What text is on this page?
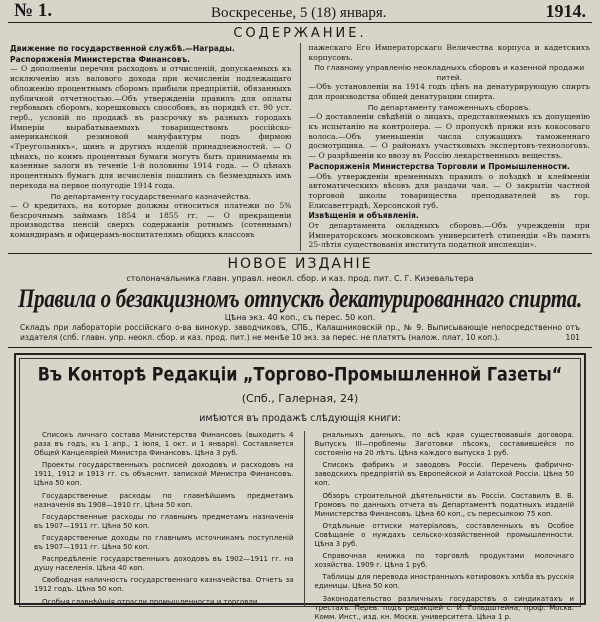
№ 1.	Воскресенье, 5 (18) января.	1914.
СОДЕРЖАНИЕ.

Движение по государственной службѣ.—Награды.

Распоряженія Министерства Финансовъ.

— О дополненіи перечня расходовъ и отчисленій, допускаемыхъ къ исключенію изъ валового дохода при исчисленіи подлежащаго обложенію процентнымъ сборомъ прибыли предпріятій, обязанныхъ публичной отчетностью.—Объ утвержденіи правилъ для оплаты гербовымъ сборомъ, корешковыхъ способовъ, въ порядкѣ ст. 90 уст. герб., условій по продажѣ въ разсрочку въ разныхъ городахъ Имперіи вырабатываемыхъ товариществомъ россійско-американской резиновой мануфактуры подъ фирмою «Треугольникъ», шинъ и другихъ изделій принадлежностей. — О цѣнахъ, по коимъ процентныя бумаги могутъ быть принимаемы въ казенные залоги въ теченіе 1-й половины 1914 года. — О цѣнахъ процентныхъ бумагъ для исчисленія пошлинъ съ безмездныхъ имъ перехода на первое полугодіе 1914 года.

По департаменту государственнаго казначейства.

— О кредитахъ, на которые должны относиться платежи по 5% безсрочнымъ займамъ 1854 и 1855 гг. — О прекращеніи производства пенсій сверхъ содержанія ротнымъ (сотеннымъ) командирамъ и офицерамъ-воспитателямъ общихъ классовъ

пажескаго Его Императорскаго Величества корпуса и кадетскихъ корпусовъ.

По главному управленію неокладныхъ сборовъ и казенной продажи питей.

—Объ установленіи на 1914 годъ цѣнъ на денатурирующую спиртъ для производства общей денатурации спирта.

По департаменту таможенныхъ сборовъ.

—О доставленіи свѣдѣній о лицахъ, представляемыхъ къ допущенію къ испытанію на контролера. — О пропускѣ пряжи изъ кокосоваго волоса.—Объ уменьшеніи числа служащихъ таможеннаго досмотрщика. — О районахъ участковыхъ экспертовъ-технологовъ. — О разрѣшеніи ко ввозу въ Россію лекарственныхъ веществъ.

Распоряженія Министерства Торговли и Промышленности.

—Объ утвержденіи временныхъ правилъ о поѣздкѣ и клейменіи автоматическихъ вѣсовъ для раздачи чая. — О закрытіи частной торговой школы товарищества преподавателей въ гор. Елисаветградѣ, Херсонской губ.

Извѣщенія и объявленія.

От департамента окладныхъ сборовъ.—Объ учрежденіи при Императорскомъ московскомъ университетѣ стипендіи «Въ память 25-лѣтія существованія института податной инспекціи».

НОВОЕ ИЗДАНІЕ
столоначальника главн. управл. неокл. сбор. и каз. прод. пит. С. Г. Кизевальтера
Правила о безакцизномъ отпускѣ декатурированнаго спирта.
Цѣна экз. 40 коп., съ перес. 50 коп.
Складъ при лабораторіи россійскаго о-ва винокур. заводчиковъ, СПБ., Калашниковскій пр., № 9. Выписывающіе непосредственно отъ издателя (спб. главн. упр. неокл. сбор. и каз. прод. пит.) не менѣе 10 экз. за перес. не платятъ (налож. плат. 10 коп.).	101
Въ Конторѣ Редакціи „Торгово-Промышленной Газеты“
(Спб., Галерная, 24)
имѣются въ продажѣ слѣдующія книги:

Списокъ личнаго состава Министерства Финансовъ (выходитъ 4 раза въ годъ, къ 1 апр., 1 іюля, 1 окт. и 1 января). Составляется Общей Канцеляріей Министра Финансовъ. Цѣна 3 руб.

Проекты государственныхъ росписей доходовъ и расходовъ на 1911, 1912 и 1913 гг. съ объяснит. запиской Министра Финансовъ. Цѣна 50 коп.

Государственные расходы по главнѣйшимъ предметамъ назначенія въ 1908—1910 гг. Цѣна 50 коп.

Государственные расходы по главнымъ предметамъ назначенія въ 1907—1911 гг. Цѣна 50 коп.

Государственные доходы по главнымъ источникамъ поступленій въ 1907—1911 гг. Цѣна 50 коп.

Распредѣленіе государственныхъ доходовъ въ 1902—1911 гг. на душу населенія. Цѣна 40 коп.

Свободная наличность государственнаго казначейства. Отчетъ за 1912 годъ. Цѣна 50 коп.

Особыя главнѣйшія отрасли промышленности и торговли

рнальныхъ данныхъ, по всѣ края существовавшія договора. Выпускъ III—проблемы Заготовки лѣсокъ, составившейся по состоянію на 20 лѣтъ. Цѣна каждого выпуска 1 руб.

Списокъ фабрикъ и заводовъ Россіи. Перечень фабрично-заводскихъ предпріятій въ Европейской и Азіатской Россіи. Цѣна 50 коп.

Обзоръ строительной дѣятельности въ Россіи. Составилъ В. В. Громовъ по данныхъ отчета въ Департаментѣ податныхъ изданій Министерства Финансовъ. Цѣна 60 коп., съ пересылкою 75 коп.

Отдѣльные оттиски матеріаловъ, составленныхъ въ Особое Совѣщаніе о нуждахъ сельско-хозяйственной промышленности. Цѣна 3 руб.

Справочная книжка по торговлѣ продуктами молочнаго хозяйства. 1909 г. Цѣна 1 руб.

Таблицы для перевода иностранныхъ котировокъ хлѣба въ русскія единицы. Цѣна 50 коп.

Законодательство различныхъ государствъ о синдикатахъ и трестахъ. Перев. подъ редакціей с. И. Гольдштейна, проф. Москв. Комм. Инст., изд. кн. Москв. университета. Цѣна 1 р.
